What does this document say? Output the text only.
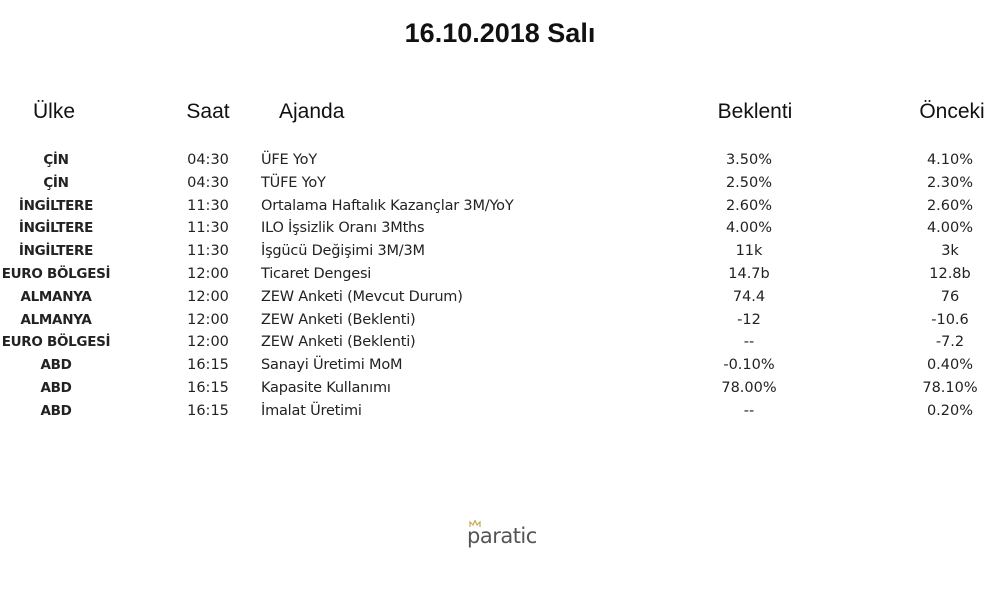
16.10.2018 Salı
Ülke	Saat Ajanda	Beklenti	Önceki
ÇİN	04:30 ÜFE YoY	3.50%	4.10%
ÇİN	04:30 TÜFE YoY	2.50%	2.30%
İNGİLTERE	11:30 Ortalama Haftalık Kazançlar 3M/YoY	2.60%	2.60%
İNGİLTERE	11:30 ILO İşsizlik Oranı 3Mths	4.00%	4.00%
İNGİLTERE	11:30 İşgücü Değişimi 3M/3M	11k	3k
EURO BÖLGESİ	12:00 Ticaret Dengesi	14.7b	12.8b
ALMANYA	12:00 ZEW Anketi (Mevcut Durum)	74.4	76
ALMANYA	12:00 ZEW Anketi (Beklenti)	-12	-10.6
EURO BÖLGESİ	12:00 ZEW Anketi (Beklenti)	--	-7.2
ABD	16:15 Sanayi Üretimi MoM	-0.10%	0.40%
ABD	16:15 Kapasite Kullanımı	78.00%	78.10%
ABD	16:15 İmalat Üretimi	--	0.20%
paratic
